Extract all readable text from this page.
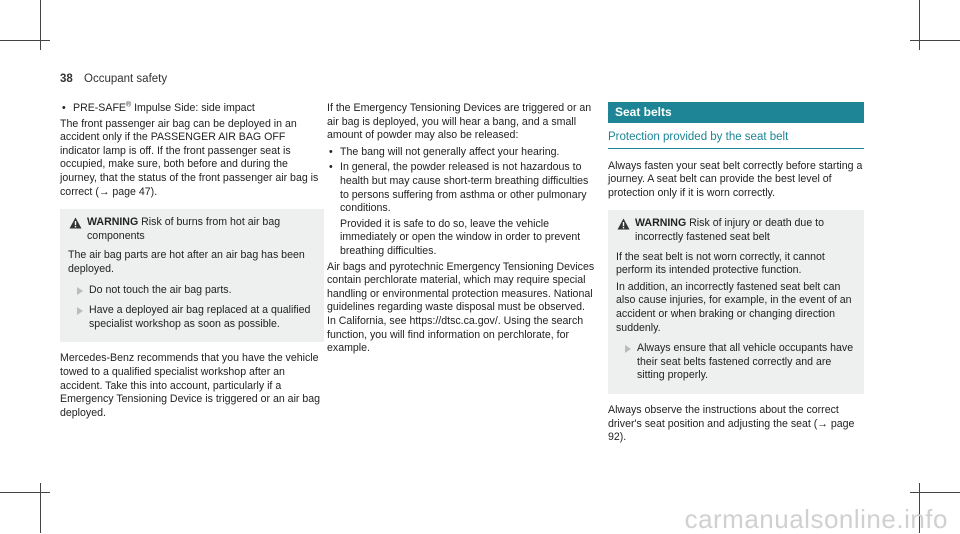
38 Occupant safety
• PRE-SAFE® Impulse Side: side impact

The front passenger air bag can be deployed in an accident only if the PASSENGER AIR BAG OFF indicator lamp is off. If the front passenger seat is occupied, make sure, both before and during the journey, that the status of the front passenger air bag is correct (→ page 47).

WARNING Risk of burns from hot air bag components

The air bag parts are hot after an air bag has been deployed.

Do not touch the air bag parts.
Have a deployed air bag replaced at a qualified specialist workshop as soon as possible.

Mercedes-Benz recommends that you have the vehicle towed to a qualified specialist workshop after an accident. Take this into account, particularly if a Emergency Tensioning Device is triggered or an air bag deployed.

If the Emergency Tensioning Devices are triggered or an air bag is deployed, you will hear a bang, and a small amount of powder may also be released:

• The bang will not generally affect your hearing.
• In general, the powder released is not hazardous to health but may cause short-term breathing difficulties to persons suffering from asthma or other pulmonary conditions.
Provided it is safe to do so, leave the vehicle immediately or open the window in order to prevent breathing difficulties.

Air bags and pyrotechnic Emergency Tensioning Devices contain perchlorate material, which may require special handling or environmental protection measures. National guidelines regarding waste disposal must be observed. In California, see https://dtsc.ca.gov/. Using the search function, you will find information on perchlorate, for example.

Seat belts
Protection provided by the seat belt

Always fasten your seat belt correctly before starting a journey. A seat belt can provide the best level of protection only if it is worn correctly.

WARNING Risk of injury or death due to incorrectly fastened seat belt

If the seat belt is not worn correctly, it cannot perform its intended protective function.

In addition, an incorrectly fastened seat belt can also cause injuries, for example, in the event of an accident or when braking or changing direction suddenly.

Always ensure that all vehicle occupants have their seat belts fastened correctly and are sitting properly.

Always observe the instructions about the correct driver's seat position and adjusting the seat (→ page 92).

carmanualsonline.info
